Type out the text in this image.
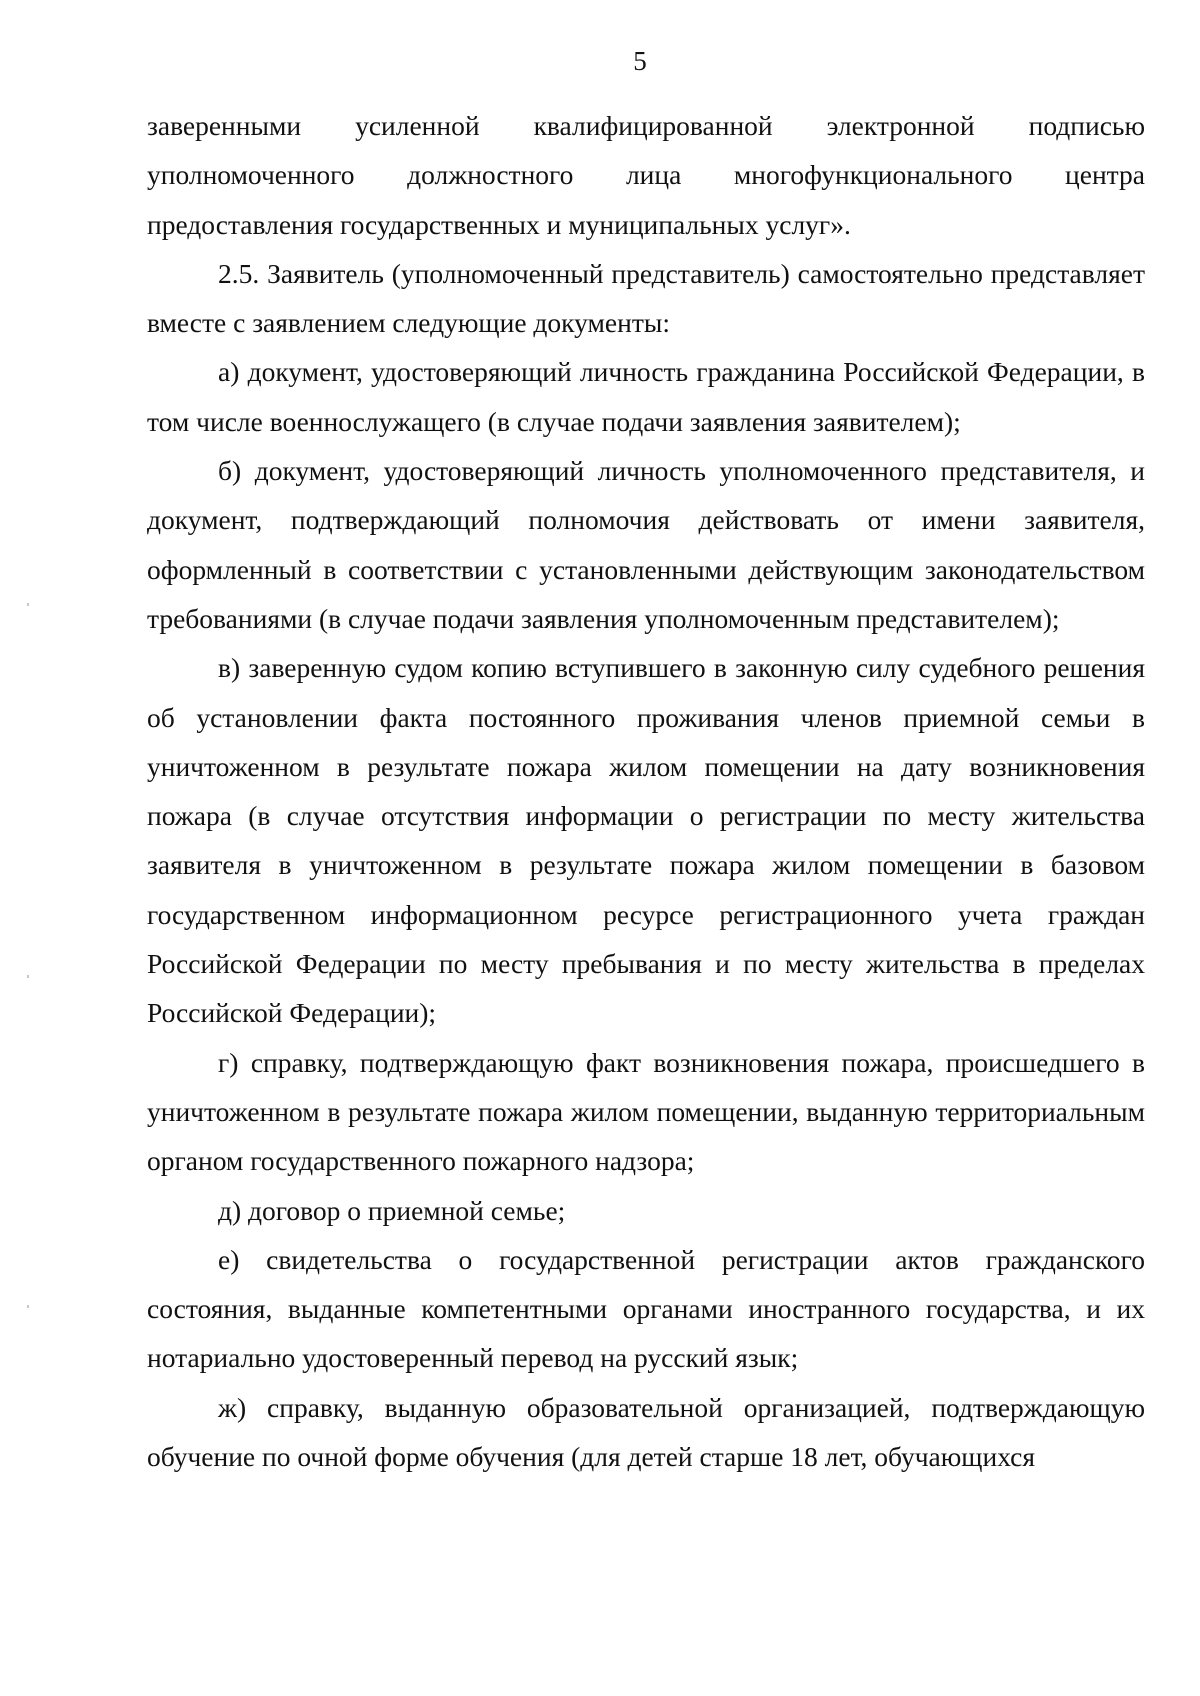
5

заверенными усиленной квалифицированной электронной подписью уполномоченного должностного лица многофункционального центра предоставления государственных и муниципальных услуг».

2.5. Заявитель (уполномоченный представитель) самостоятельно представляет вместе с заявлением следующие документы:

а) документ, удостоверяющий личность гражданина Российской Федерации, в том числе военнослужащего (в случае подачи заявления заявителем);

б) документ, удостоверяющий личность уполномоченного представителя, и документ, подтверждающий полномочия действовать от имени заявителя, оформленный в соответствии с установленными действующим законодательством требованиями (в случае подачи заявления уполномоченным представителем);

в) заверенную судом копию вступившего в законную силу судебного решения об установлении факта постоянного проживания членов приемной семьи в уничтоженном в результате пожара жилом помещении на дату возникновения пожара (в случае отсутствия информации о регистрации по месту жительства заявителя в уничтоженном в результате пожара жилом помещении в базовом государственном информационном ресурсе регистрационного учета граждан Российской Федерации по месту пребывания и по месту жительства в пределах Российской Федерации);

г) справку, подтверждающую факт возникновения пожара, происшедшего в уничтоженном в результате пожара жилом помещении, выданную территориальным органом государственного пожарного надзора;

д) договор о приемной семье;

е) свидетельства о государственной регистрации актов гражданского состояния, выданные компетентными органами иностранного государства, и их нотариально удостоверенный перевод на русский язык;

ж) справку, выданную образовательной организацией, подтверждающую обучение по очной форме обучения (для детей старше 18 лет, обучающихся
